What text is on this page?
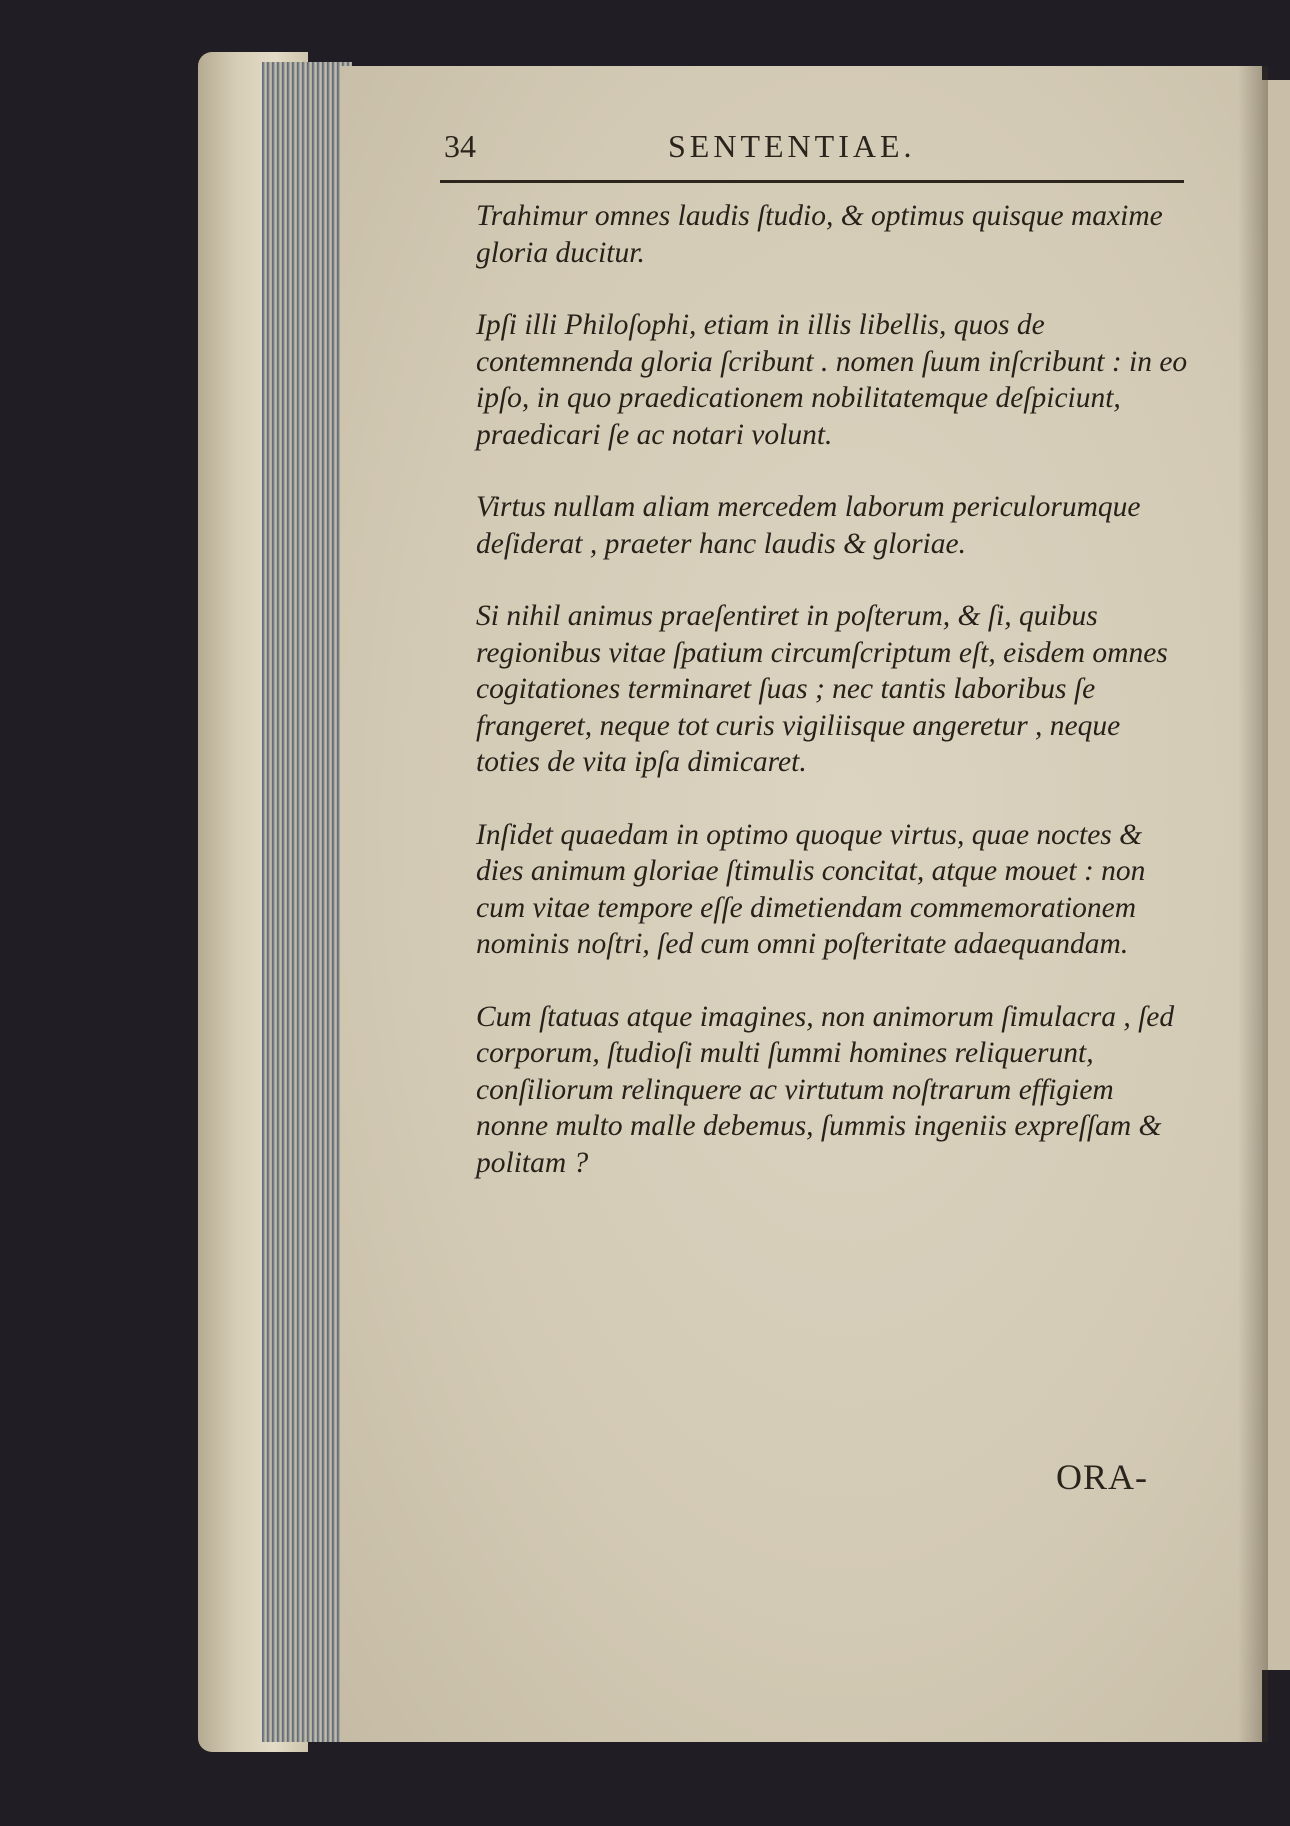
34	SENTENTIAE.

Trahimur omnes laudis ſtudio, & optimus quisque maxime gloria ducitur.

Ipſi illi Philoſophi, etiam in illis libellis, quos de contemnenda gloria ſcribunt . nomen ſuum inſcribunt : in eo ipſo, in quo praedicationem nobilitatemque deſpiciunt, praedicari ſe ac notari volunt.

Virtus nullam aliam mercedem laborum periculorumque deſiderat , praeter hanc laudis & gloriae.

Si nihil animus praeſentiret in poſterum, & ſi, quibus regionibus vitae ſpatium circumſcriptum eſt, eisdem omnes cogitationes terminaret ſuas ; nec tantis laboribus ſe frangeret, neque tot curis vigiliisque angeretur , neque toties de vita ipſa dimicaret.

Inſidet quaedam in optimo quoque virtus, quae noctes & dies animum gloriae ſtimulis concitat, atque mouet : non cum vitae tempore eſſe dimetiendam commemorationem nominis noſtri, ſed cum omni poſteritate adaequandam.

Cum ſtatuas atque imagines, non animorum ſimulacra , ſed corporum, ſtudioſi multi ſummi homines reliquerunt, conſiliorum relinquere ac virtutum noſtrarum effigiem nonne multo malle debemus, ſummis ingeniis expreſſam & politam ?

ORA-
